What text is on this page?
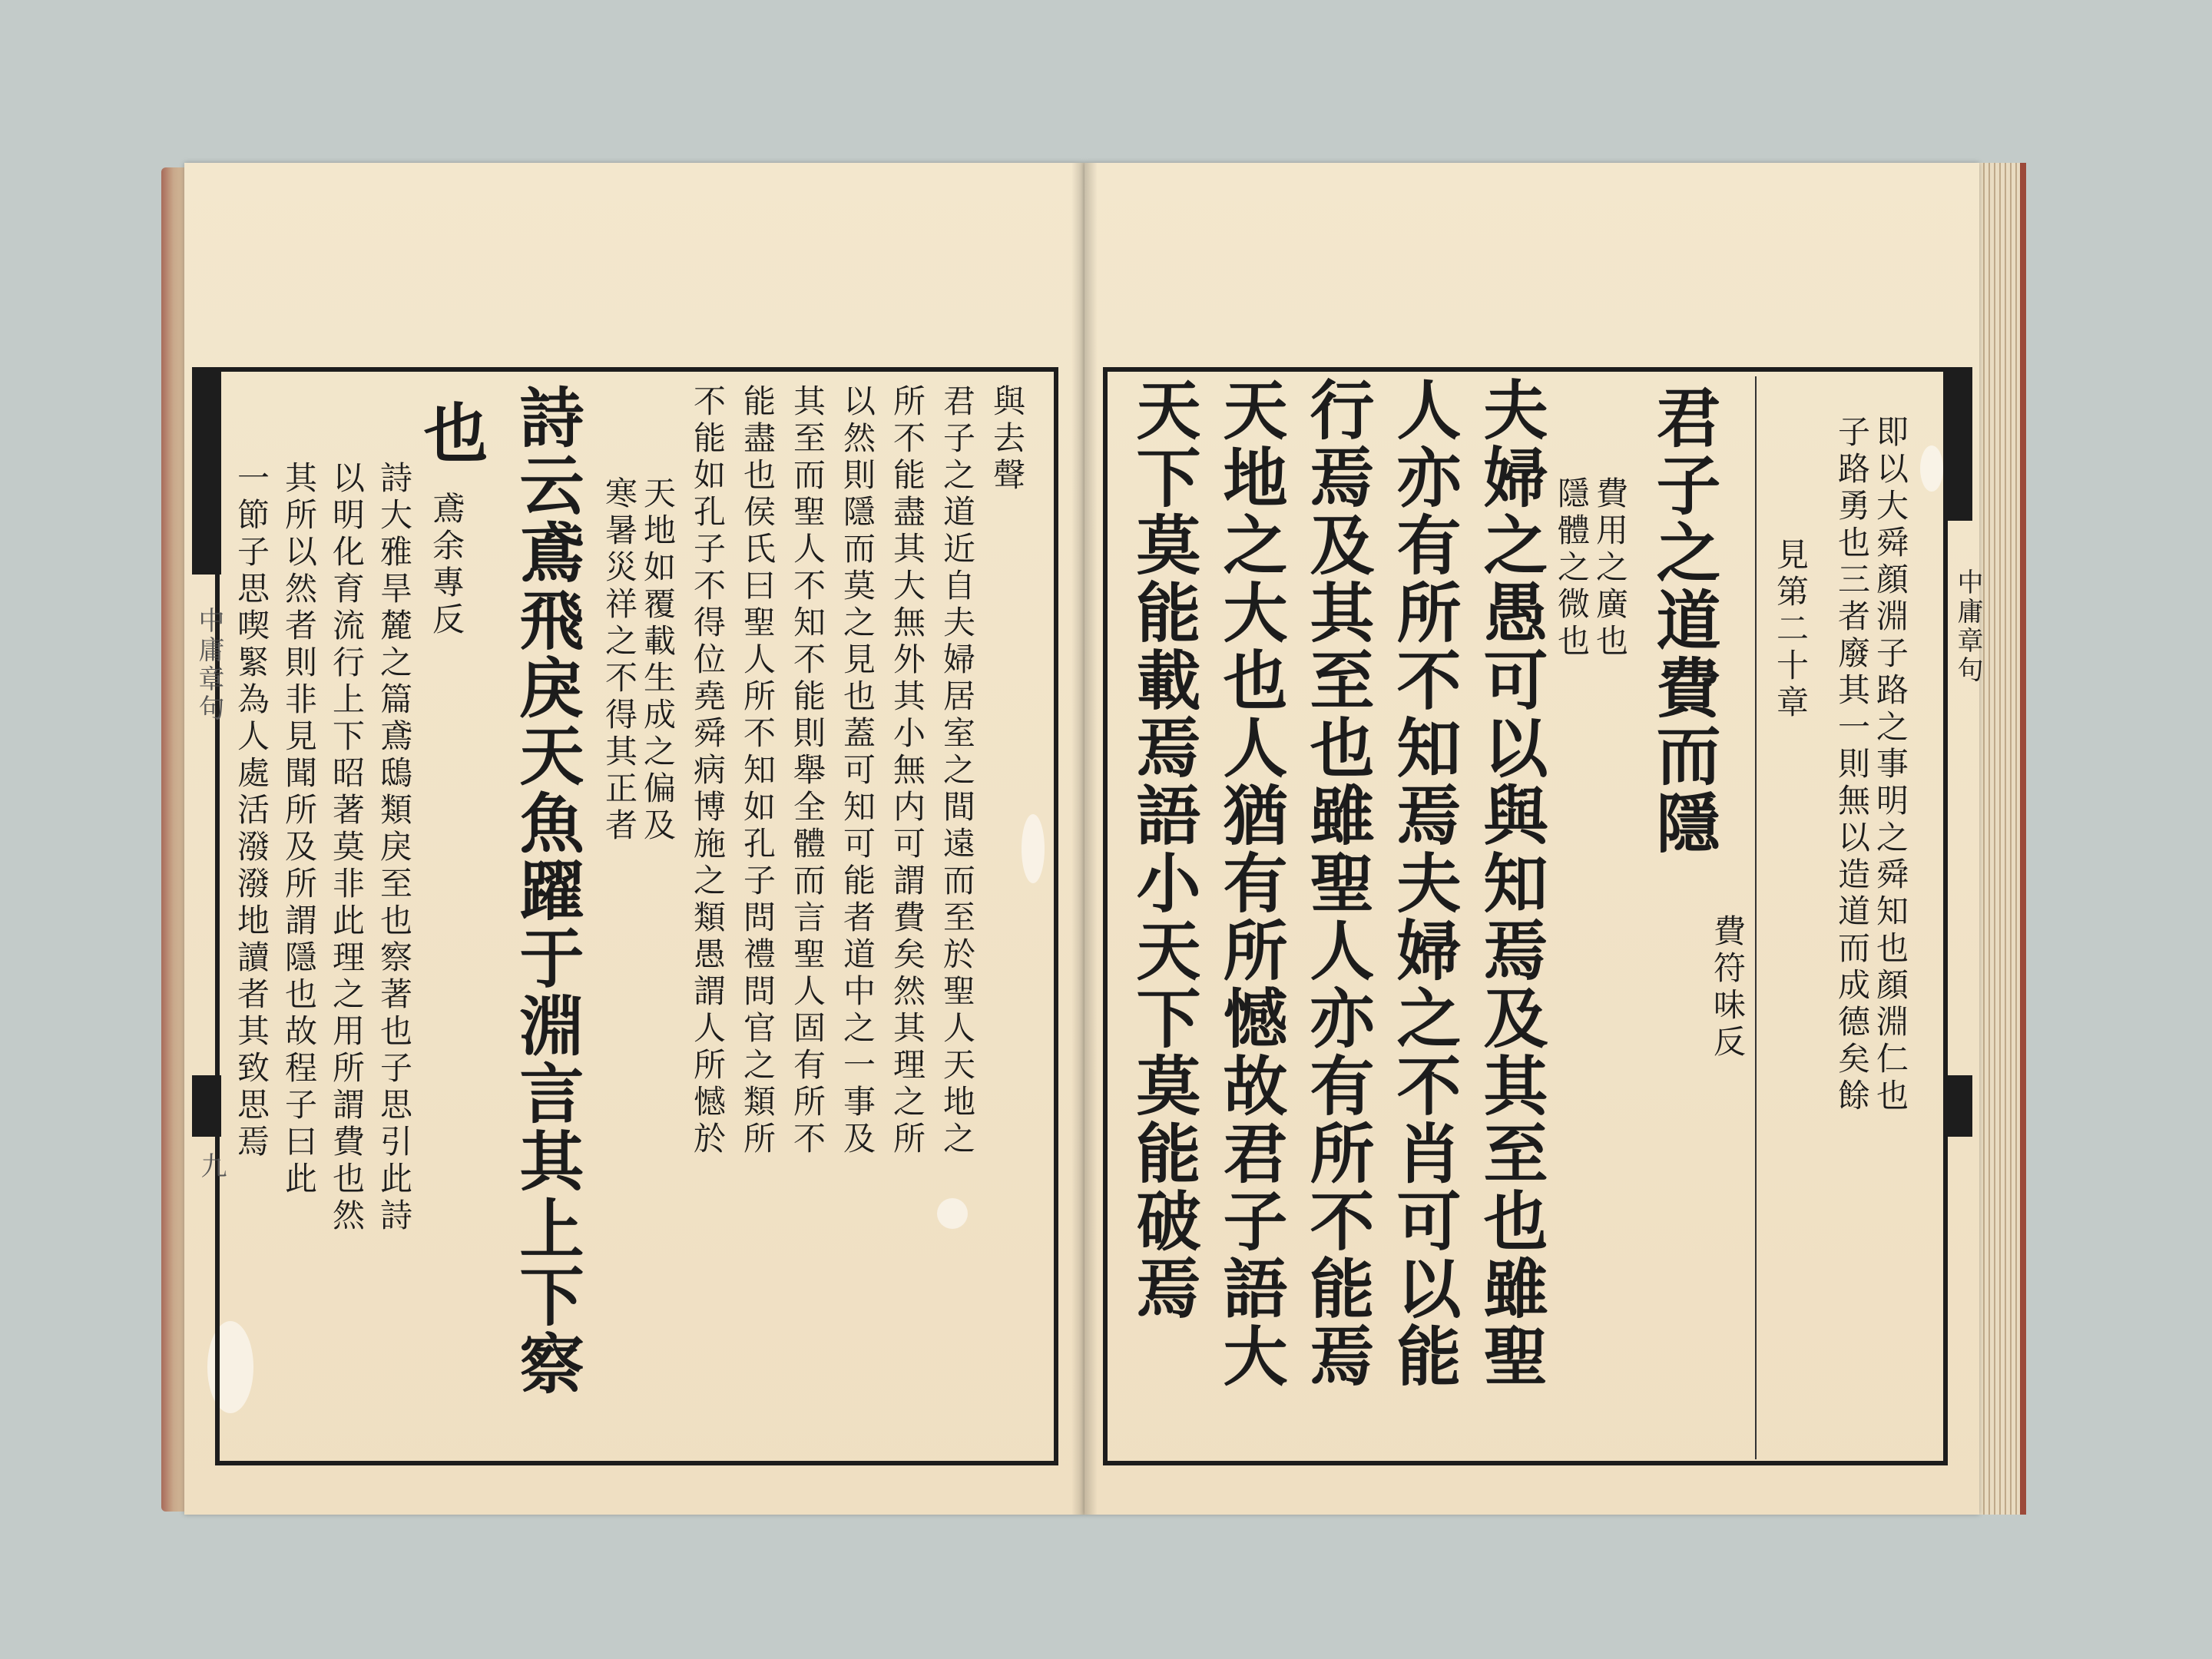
中庸章句
即以大舜顔淵子路之事明之舜知也顔淵仁也
子路勇也三者廢其一則無以造道而成德矣餘
見第二十章
君子之道費而隱
費符味反
費用之廣也
隱體之微也
夫婦之愚可以與知焉及其至也雖聖
人亦有所不知焉夫婦之不肖可以能
行焉及其至也雖聖人亦有所不能焉
天地之大也人猶有所憾故君子語大
天下莫能載焉語小天下莫能破焉
與去聲
君子之道近自夫婦居室之間遠而至於聖人天地之
所不能盡其大無外其小無内可謂費矣然其理之所
以然則隱而莫之見也蓋可知可能者道中之一事及
其至而聖人不知不能則舉全體而言聖人固有所不
能盡也侯氏曰聖人所不知如孔子問禮問官之類所
不能如孔子不得位堯舜病博施之類愚謂人所憾於
天地如覆載生成之偏及
寒暑災祥之不得其正者
詩云鳶飛戾天魚躍于淵言其上下察
也
鳶余專反
詩大雅旱麓之篇鳶鴟類戾至也察著也子思引此詩
以明化育流行上下昭著莫非此理之用所謂費也然
其所以然者則非見聞所及所謂隱也故程子曰此
一節子思喫緊為人處活潑潑地讀者其致思焉
中庸章句
九
